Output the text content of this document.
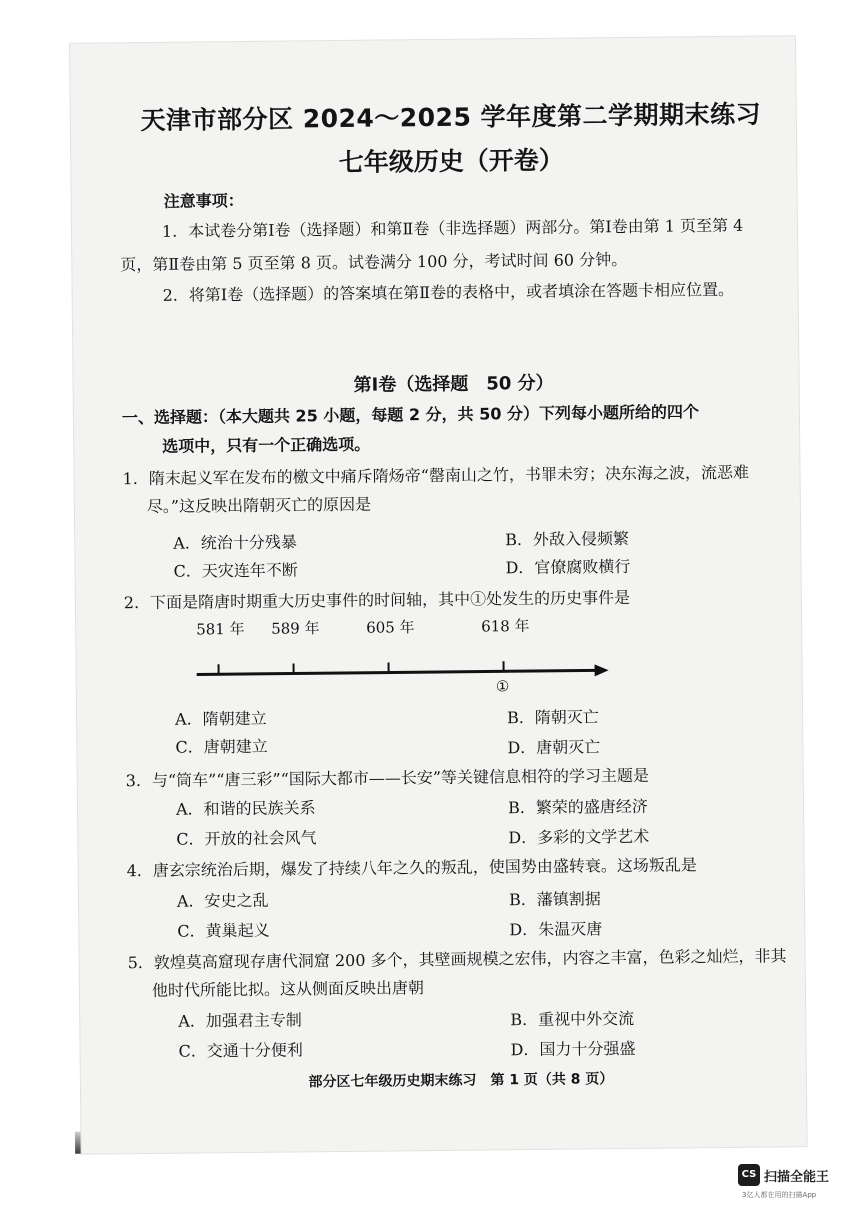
天津市部分区 2024～2025 学年度第二学期期末练习
七年级历史（开卷）
注意事项：
1．本试卷分第Ⅰ卷（选择题）和第Ⅱ卷（非选择题）两部分。第Ⅰ卷由第 1 页至第 4 页，第Ⅱ卷由第 5 页至第 8 页。试卷满分 100 分，考试时间 60 分钟。
2．将第Ⅰ卷（选择题）的答案填在第Ⅱ卷的表格中，或者填涂在答题卡相应位置。
第Ⅰ卷（选择题　50 分）
一、选择题：（本大题共 25 小题，每题 2 分，共 50 分）下列每小题所给的四个
选项中，只有一个正确选项。
1．隋末起义军在发布的檄文中痛斥隋炀帝“罄南山之竹，书罪未穷；决东海之波，流恶难尽。”这反映出隋朝灭亡的原因是
A．统治十分残暴	B．外敌入侵频繁
C．天灾连年不断	D．官僚腐败横行
2．下面是隋唐时期重大历史事件的时间轴，其中①处发生的历史事件是
581 年 589 年	605 年	618 年
①
A．隋朝建立	B．隋朝灭亡
C．唐朝建立	D．唐朝灭亡
3．与“筒车”“唐三彩”“国际大都市——长安”等关键信息相符的学习主题是
A．和谐的民族关系	B．繁荣的盛唐经济
C．开放的社会风气	D．多彩的文学艺术
4．唐玄宗统治后期，爆发了持续八年之久的叛乱，使国势由盛转衰。这场叛乱是
A．安史之乱	B．藩镇割据
C．黄巢起义	D．朱温灭唐
5．敦煌莫高窟现存唐代洞窟 200 多个，其壁画规模之宏伟，内容之丰富，色彩之灿烂，非其他时代所能比拟。这从侧面反映出唐朝
A．加强君主专制	B．重视中外交流
C．交通十分便利	D．国力十分强盛
部分区七年级历史期末练习　第 1 页（共 8 页）
CS 扫描全能王
3亿人都在用的扫描App
